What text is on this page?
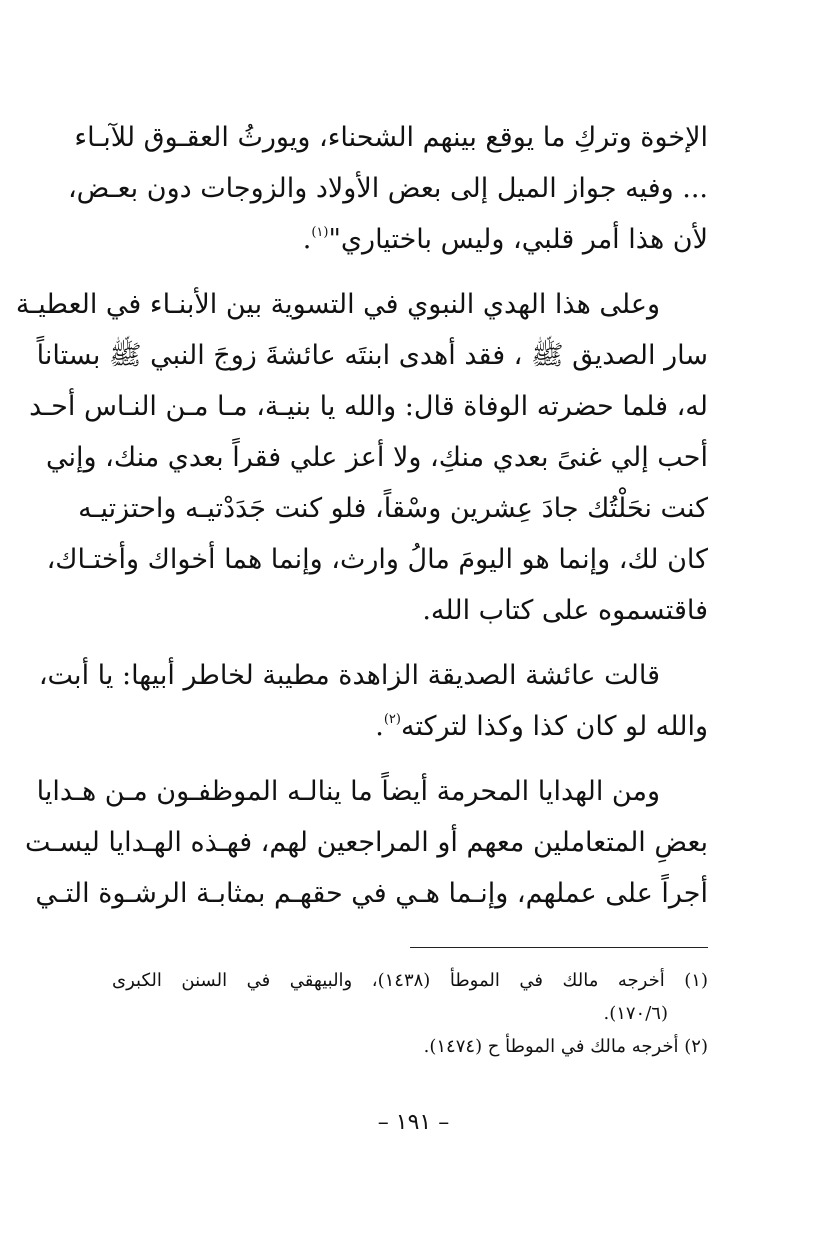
الإخوة وتركِ ما يوقع بينهم الشحناء، ويورثُ العقـوق للآبـاء
... وفيه جواز الميل إلى بعض الأولاد والزوجات دون بعـض،
لأن هذا أمر قلبي، وليس باختياري"$^{(١)}$.

وعلى هذا الهدي النبوي في التسوية بين الأبنـاء في العطيـة
سار الصديق ﷺ ، فقد أهدى ابنتَه عائشةَ زوجَ النبي ﷺ بستاناً
له، فلما حضرته الوفاة قال: والله يا بنيـة، مـا مـن النـاس أحـد
أحب إلي غنىً بعدي منكِ، ولا أعز علي فقراً بعدي منك، وإني
كنت نحَلْتُك جادَ عِشرين وسْقاً، فلو كنت جَدَدْتيـه واحتزتيـه
كان لك، وإنما هو اليومَ مالُ وارث، وإنما هما أخواك وأختـاك،
فاقتسموه على كتاب الله.

قالت عائشة الصديقة الزاهدة مطيبة لخاطر أبيها: يا أبت،
والله لو كان كذا وكذا لتركته$^{(٢)}$.

ومن الهدايا المحرمة أيضاً ما ينالـه الموظفـون مـن هـدايا
بعضِ المتعاملين معهم أو المراجعين لهم، فهـذه الهـدايا ليسـت
أجراً على عملهم، وإنـما هـي في حقهـم بمثابـة الرشـوة التـي

(١) أخرجه مالك في الموطأ (١٤٣٨)، والبيهقي في السنن الكبرى
(١٧٠/٦).
(٢) أخرجه مالك في الموطأ ح (١٤٧٤).
– ١٩١ –
